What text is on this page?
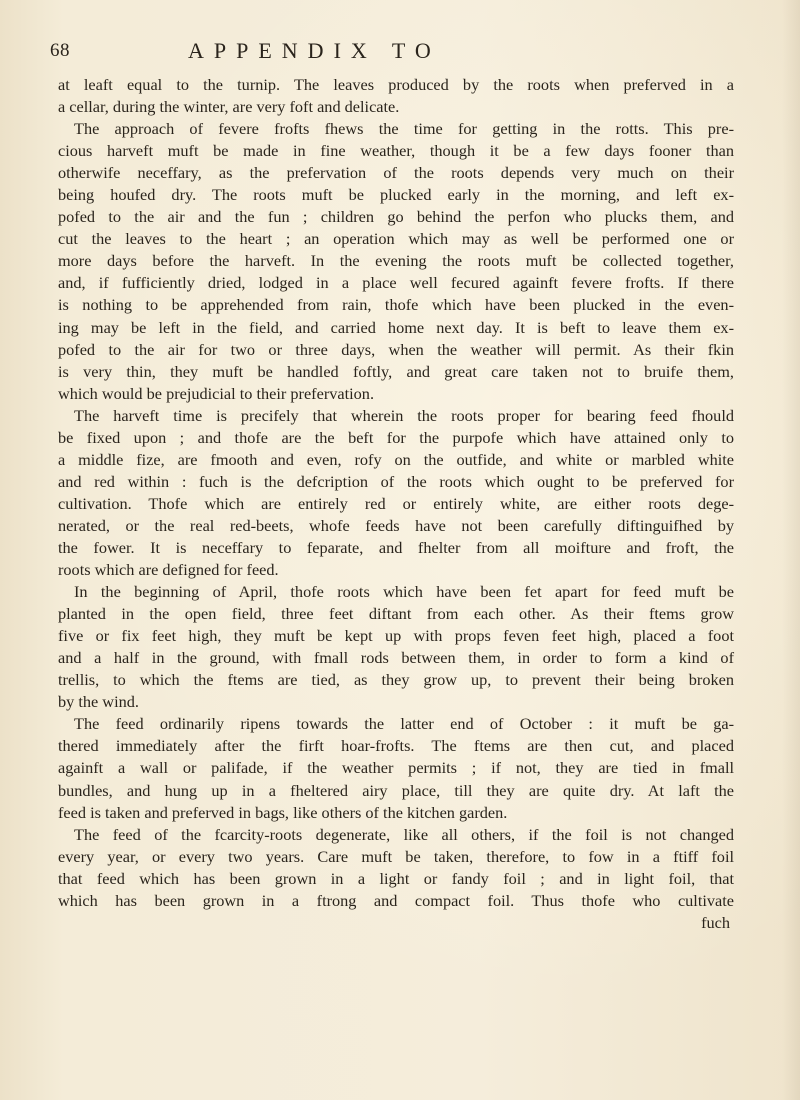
68	APPENDIX TO
at leaft equal to the turnip. The leaves produced by the roots when preferved in a
a cellar, during the winter, are very foft and delicate.
The approach of fevere frofts fhews the time for getting in the rotts. This pre-
cious harveft muft be made in fine weather, though it be a few days fooner than
otherwife neceffary, as the prefervation of the roots depends very much on their
being houfed dry. The roots muft be plucked early in the morning, and left ex-
pofed to the air and the fun ; children go behind the perfon who plucks them, and
cut the leaves to the heart ; an operation which may as well be performed one or
more days before the harveft. In the evening the roots muft be collected together,
and, if fufficiently dried, lodged in a place well fecured againft fevere frofts. If there
is nothing to be apprehended from rain, thofe which have been plucked in the even-
ing may be left in the field, and carried home next day. It is beft to leave them ex-
pofed to the air for two or three days, when the weather will permit. As their fkin
is very thin, they muft be handled foftly, and great care taken not to bruife them,
which would be prejudicial to their prefervation.
The harveft time is precifely that wherein the roots proper for bearing feed fhould
be fixed upon ; and thofe are the beft for the purpofe which have attained only to
a middle fize, are fmooth and even, rofy on the outfide, and white or marbled white
and red within : fuch is the defcription of the roots which ought to be preferved for
cultivation. Thofe which are entirely red or entirely white, are either roots dege-
nerated, or the real red-beets, whofe feeds have not been carefully diftinguifhed by
the fower. It is neceffary to feparate, and fhelter from all moifture and froft, the
roots which are defigned for feed.
In the beginning of April, thofe roots which have been fet apart for feed muft be
planted in the open field, three feet diftant from each other. As their ftems grow
five or fix feet high, they muft be kept up with props feven feet high, placed a foot
and a half in the ground, with fmall rods between them, in order to form a kind of
trellis, to which the ftems are tied, as they grow up, to prevent their being broken
by the wind.
The feed ordinarily ripens towards the latter end of October : it muft be ga-
thered immediately after the firft hoar-frofts. The ftems are then cut, and placed
againft a wall or palifade, if the weather permits ; if not, they are tied in fmall
bundles, and hung up in a fheltered airy place, till they are quite dry. At laft the
feed is taken and preferved in bags, like others of the kitchen garden.
The feed of the fcarcity-roots degenerate, like all others, if the foil is not changed
every year, or every two years. Care muft be taken, therefore, to fow in a ftiff foil
that feed which has been grown in a light or fandy foil ; and in light foil, that
which has been grown in a ftrong and compact foil. Thus thofe who cultivate
fuch
